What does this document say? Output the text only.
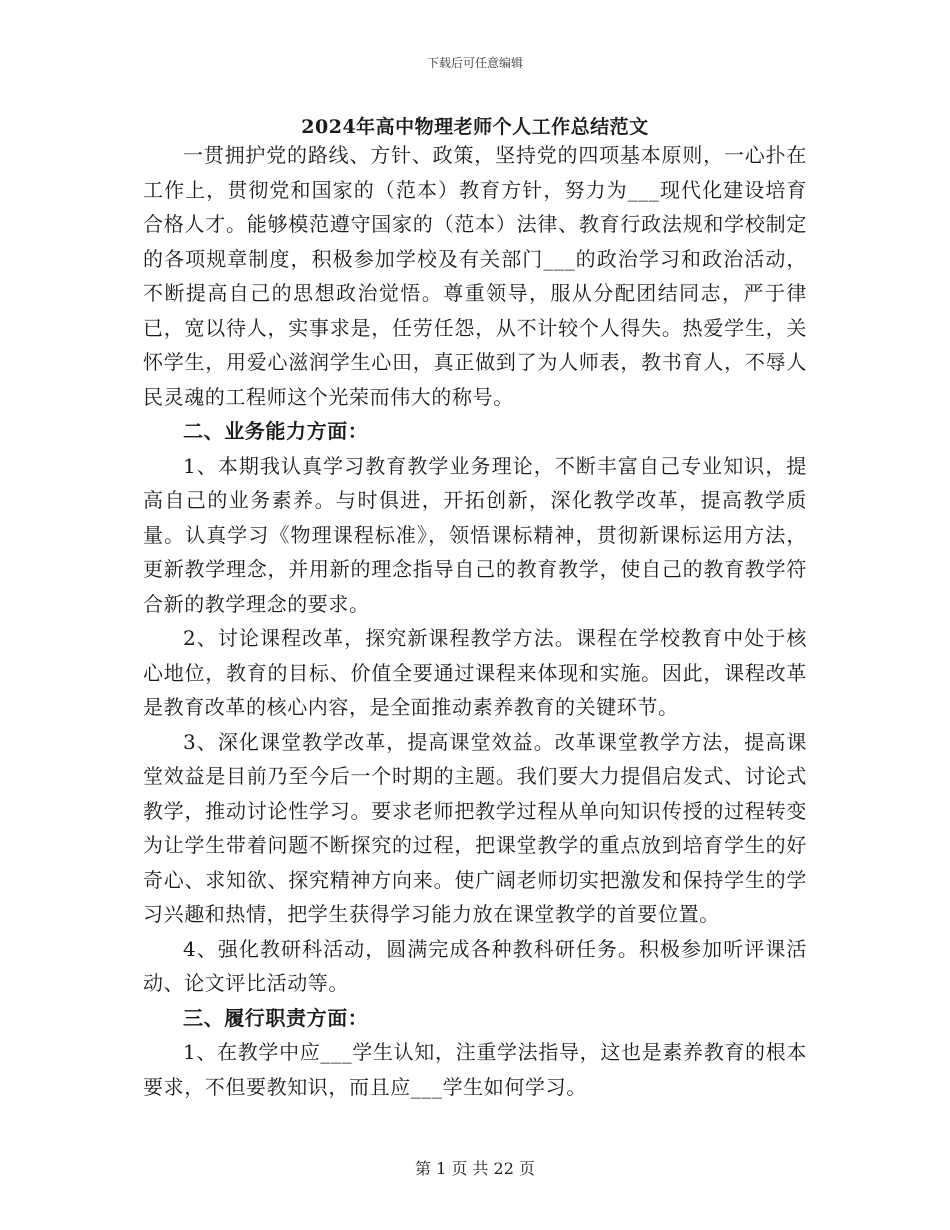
下载后可任意编辑
2024年高中物理老师个人工作总结范文

一贯拥护党的路线、方针、政策，坚持党的四项基本原则，一心扑在工作上，贯彻党和国家的（范本）教育方针，努力为___现代化建设培育合格人才。能够模范遵守国家的（范本）法律、教育行政法规和学校制定的各项规章制度，积极参加学校及有关部门___的政治学习和政治活动，不断提高自己的思想政治觉悟。尊重领导，服从分配团结同志，严于律已，宽以待人，实事求是，任劳任怨，从不计较个人得失。热爱学生，关怀学生，用爱心滋润学生心田，真正做到了为人师表，教书育人，不辱人民灵魂的工程师这个光荣而伟大的称号。

二、业务能力方面：

1、本期我认真学习教育教学业务理论，不断丰富自己专业知识，提高自己的业务素养。与时俱进，开拓创新，深化教学改革，提高教学质量。认真学习《物理课程标准》，领悟课标精神，贯彻新课标运用方法，更新教学理念，并用新的理念指导自己的教育教学，使自己的教育教学符合新的教学理念的要求。

2、讨论课程改革，探究新课程教学方法。课程在学校教育中处于核心地位，教育的目标、价值全要通过课程来体现和实施。因此，课程改革是教育改革的核心内容，是全面推动素养教育的关键环节。

3、深化课堂教学改革，提高课堂效益。改革课堂教学方法，提高课堂效益是目前乃至今后一个时期的主题。我们要大力提倡启发式、讨论式教学，推动讨论性学习。要求老师把教学过程从单向知识传授的过程转变为让学生带着问题不断探究的过程，把课堂教学的重点放到培育学生的好奇心、求知欲、探究精神方向来。使广阔老师切实把激发和保持学生的学习兴趣和热情，把学生获得学习能力放在课堂教学的首要位置。

4、强化教研科活动，圆满完成各种教科研任务。积极参加听评课活动、论文评比活动等。

三、履行职责方面：

1、在教学中应___学生认知，注重学法指导，这也是素养教育的根本要求，不但要教知识，而且应___学生如何学习。

第 1 页 共 22 页
